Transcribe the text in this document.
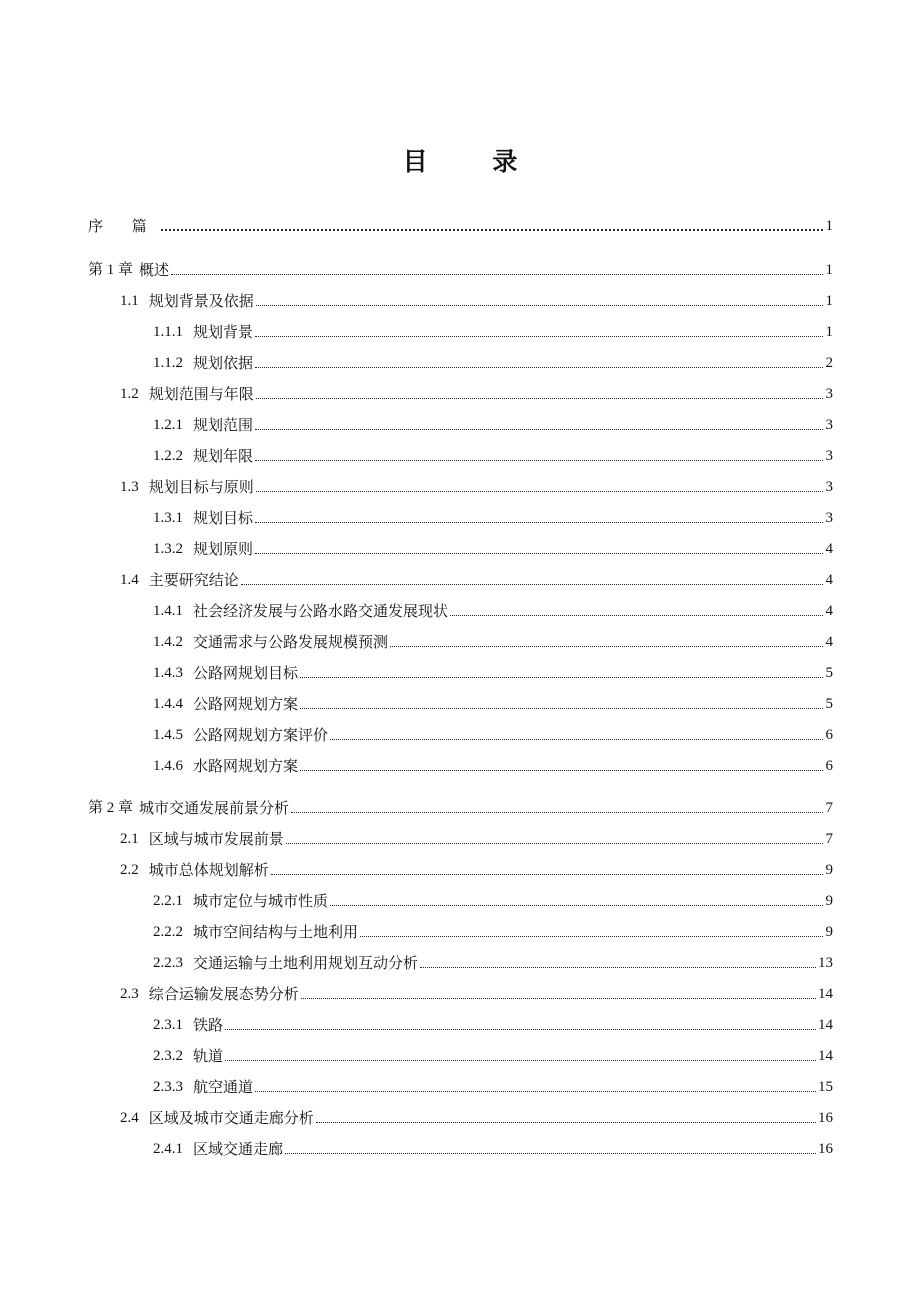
目 录
序 篇	1
第 1 章 概述	1
1.1 规划背景及依据	1
1.1.1 规划背景	1
1.1.2 规划依据	2
1.2 规划范围与年限	3
1.2.1 规划范围	3
1.2.2 规划年限	3
1.3 规划目标与原则	3
1.3.1 规划目标	3
1.3.2 规划原则	4
1.4 主要研究结论	4
1.4.1 社会经济发展与公路水路交通发展现状	4
1.4.2 交通需求与公路发展规模预测	4
1.4.3 公路网规划目标	5
1.4.4 公路网规划方案	5
1.4.5 公路网规划方案评价	6
1.4.6 水路网规划方案	6
第 2 章 城市交通发展前景分析	7
2.1 区域与城市发展前景	7
2.2 城市总体规划解析	9
2.2.1 城市定位与城市性质	9
2.2.2 城市空间结构与土地利用	9
2.2.3 交通运输与土地利用规划互动分析	13
2.3 综合运输发展态势分析	14
2.3.1 铁路	14
2.3.2 轨道	14
2.3.3 航空通道	15
2.4 区域及城市交通走廊分析	16
2.4.1 区域交通走廊	16
